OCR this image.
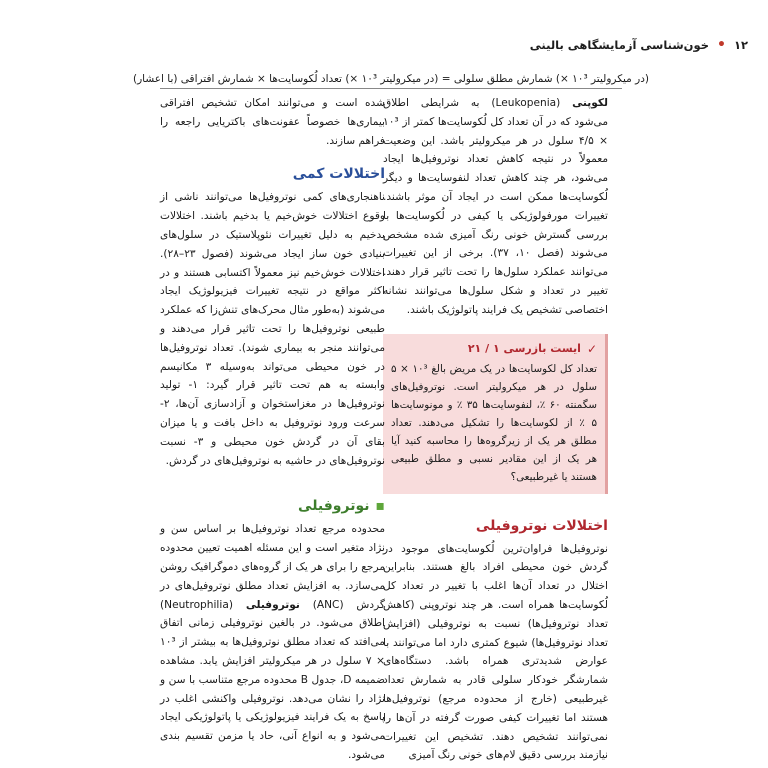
۱۲
•
خون‌شناسی آزمایشگاهی بالینی
(در میکرولیتر ۱۰³ ×) شمارش مطلق سلولی = (در میکرولیتر ۱۰³ ×) تعداد لُکوسایت‌ها × شمارش افتراقی (با اعشار)

لکوپنی (Leukopenia) به شرایطی اطلاق می‌شود که در آن تعداد کل لُکوسایت‌ها کمتر از ۱۰³ × ۴/۵ سلول در هر میکرولیتر باشد. این وضعیت معمولاً در نتیجه کاهش تعداد نوتروفیل‌ها ایجاد می‌شود، هر چند کاهش تعداد لنفوسایت‌ها و دیگر لُکوسایت‌ها ممکن است در ایجاد آن موثر باشند. تغییرات مورفولوژیکی یا کیفی در لُکوسایت‌ها با بررسی گسترش خونی رنگ آمیزی شده مشخص می‌شوند (فصل ۱۰، ۳۷). برخی از این تغییرات می‌توانند عملکرد سلول‌ها را تحت تاثیر قرار دهند. تغییر در تعداد و شکل سلول‌ها می‌توانند نشانه اختصاصی تشخیص یک فرایند پاتولوژیک باشند.

✓
ایست بازرسی ۱ / ۲۱

تعداد کل لکوسایت‌ها در یک مریض بالغ ۱۰³ × ۵ سلول در هر میکرولیتر است. نوتروفیل‌های سگمنته ۶۰ ٪، لنفوسایت‌ها ۳۵ ٪ و مونوسایت‌ها ۵ ٪ از لکوسایت‌ها را تشکیل می‌دهند. تعداد مطلق هر یک از زیرگروه‌ها را محاسبه کنید آیا هر یک از این مقادیر نسبی و مطلق طبیعی هستند یا غیرطبیعی؟

اختلالات نوتروفیلی

نوتروفیل‌ها فراوان‌ترین لُکوسایت‌های موجود در گردش خون محیطی افراد بالغ هستند. بنابراین اختلال در تعداد آن‌ها اغلب با تغییر در تعداد کل لُکوسایت‌ها همراه است. هر چند نوتروپنی (کاهش تعداد نوتروفیل‌ها) نسبت به نوتروفیلی (افزایش تعداد نوتروفیل‌ها) شیوع کمتری دارد اما می‌توانند با عوارض شدیدتری همراه باشد. دستگاه‌های شمارشگر خودکار سلولی قادر به شمارش تعداد غیرطبیعی (خارج از محدوده مرجع) نوتروفیل‌ها هستند اما تغییرات کیفی صورت گرفته در آن‌ها را نمی‌توانند تشخیص دهند. تشخیص این تغییرات نیازمند بررسی دقیق لام‌های خونی رنگ آمیزی

شده است و می‌توانند امکان تشخیص افتراقی بیماری‌ها خصوصاً عفونت‌های باکتریایی راجعه را فراهم سازند.

اختلالات کمی

ناهنجاری‌های کمی نوتروفیل‌ها می‌توانند ناشی از وقوع اختلالات خوش‌خیم یا بدخیم باشند. اختلالات بدخیم به دلیل تغییرات نئوپلاستیک در سلول‌های بنیادی خون ساز ایجاد می‌شوند (فصول ۲۳–۲۸). اختلالات خوش‌خیم نیز معمولاً اکتسابی هستند و در اکثر مواقع در نتیجه تغییرات فیزیولوژیک ایجاد می‌شوند (به‌طور مثال محرک‌های تنش‌زا که عملکرد طبیعی نوتروفیل‌ها را تحت تاثیر قرار می‌دهند و می‌توانند منجر به بیماری شوند). تعداد نوتروفیل‌ها در خون محیطی می‌تواند به‌وسیله ۳ مکانیسم وابسته به هم تحت تاثیر قرار گیرد: ۱- تولید نوتروفیل‌ها در مغزاستخوان و آزادسازی آن‌ها، ۲- سرعت ورود نوتروفیل به داخل بافت و یا میزان بقای آن در گردش خون محیطی و ۳- نسبت نوتروفیل‌های در حاشیه به نوتروفیل‌های در گردش.

▪نوتروفیلی

محدوده مرجع تعداد نوتروفیل‌ها بر اساس سن و نژاد متغیر است و این مسئله اهمیت تعیین محدوده مرجع را برای هر یک از گروه‌های دموگرافیک روشن می‌سازد. به افزایش تعداد مطلق نوتروفیل‌های در گردش (ANC) نوتروفیلی (Neutrophilia) اطلاق می‌شود. در بالغین نوتروفیلی زمانی اتفاق می‌افتد که تعداد مطلق نوتروفیل‌ها به بیشتر از ۱۰³ × ۷ سلول در هر میکرولیتر افزایش یابد. مشاهده ضمیمه D، جدول B محدوده مرجع متناسب با سن و نژاد را نشان می‌دهد. نوتروفیلی واکنشی اغلب در پاسخ به یک فرایند فیزیولوژیکی یا پاتولوژیکی ایجاد می‌شود و به انواع آنی، حاد یا مزمن تقسیم بندی می‌شود.
